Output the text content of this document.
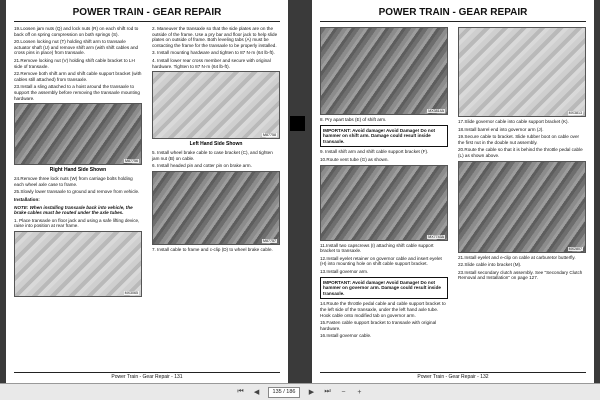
POWER TRAIN - GEAR REPAIR

19.Loosen jam nuts (Q) and lock nuts (R) on each shift rod to back off on spring compression on both springs (S).

20.Loosen locking nut (T) holding shift arm to transaxle actuator shaft (U) and remove shift arm (with shift cables and cross pins in place) from transaxle.

21.Remove locking nut (V) holding shift cable bracket to LH side of transaxle.

22.Remove both shift arm and shift cable support bracket (with cables still attached) from transaxle.

23.Install a sling attached to a hoist around the transaxle to support the assembly before removing the transaxle mounting hardware.

M87756
Right Hand Side Shown

24.Remove three lock nuts (W) from carriage bolts holding each wheel axle case to frame.

25.Slowly lower transaxle to ground and remove from vehicle.

Installation:

NOTE: When installing transaxle back into vehicle, the brake cables must be routed under the axle tubes.

1. Place transaxle on floor jack and using a safe lifting device, raise into position at rear frame.

MX3065

2. Maneuver the transaxle so that the side plates are on the outside of the frame. Use a pry bar and floor jack to help slide plates on outside of frame. Both leveling tabs (A) must be contacting the frame for the transaxle to be properly installed.

3. Install mounting hardware and tighten to 87 N·m (64 lb-ft).

4. Install lower rear cross member and secure with original hardware. Tighten to 87 N·m (64 lb-ft).

M87758
Left Hand Side Shown

5. Install wheel brake cable to case bracket (C), and tighten jam nut (B) on cable.

6. Install headed pin and cotter pin on brake arm.

M87757

7. Install cable to frame and c-clip (D) to wheel brake cable.

Power Train - Gear Repair - 131
POWER TRAIN - GEAR REPAIR
MX3814A

8. Pry apart tabs (E) of shift arm.

IMPORTANT: Avoid damage! Avoid Damage! Do not hammer on shift arm. Damage could result inside transaxle.

9. Install shift arm and shift cable support bracket (F).

10.Route vent tube (G) as shown.

MX7743A

11.Install two capscrews (I) attaching shift cable support bracket to transaxle.

12.Install eyelet retainer on governor cable and insert eyelet (H) into mounting hole on shift cable support bracket.

13.Install governor arm.

IMPORTANT: Avoid damage! Avoid Damage! Do not hammer on governor arm. Damage could result inside transaxle.

14.Route the throttle pedal cable and cable support bracket to the left side of the transaxle, under the left hand axle tube. Hook cable onto modified tab on governor arm.

15.Fasten cable support bracket to transaxle with original hardware.

16.Install governor cable.

MX3813

17.Slide governor cable into cable support bracket (K).

18.Install barrel end into governor arm (J).

19.Secure cable to bracket. Slide rubber boot on cable over the first nut in the double nut assembly.

20.Route the cable so that it is behind the throttle pedal cable (L) as shown above.

MX2807

21.Install eyelet and e-clip on cable at carburetor butterfly.

22.Slide cable into bracket (M).

23.Install secondary clutch assembly. See "Secondary Clutch Removal and Installation" on page 127.

Power Train - Gear Repair - 132
⏮	◀	135 / 186	▶	⏭	−	+
